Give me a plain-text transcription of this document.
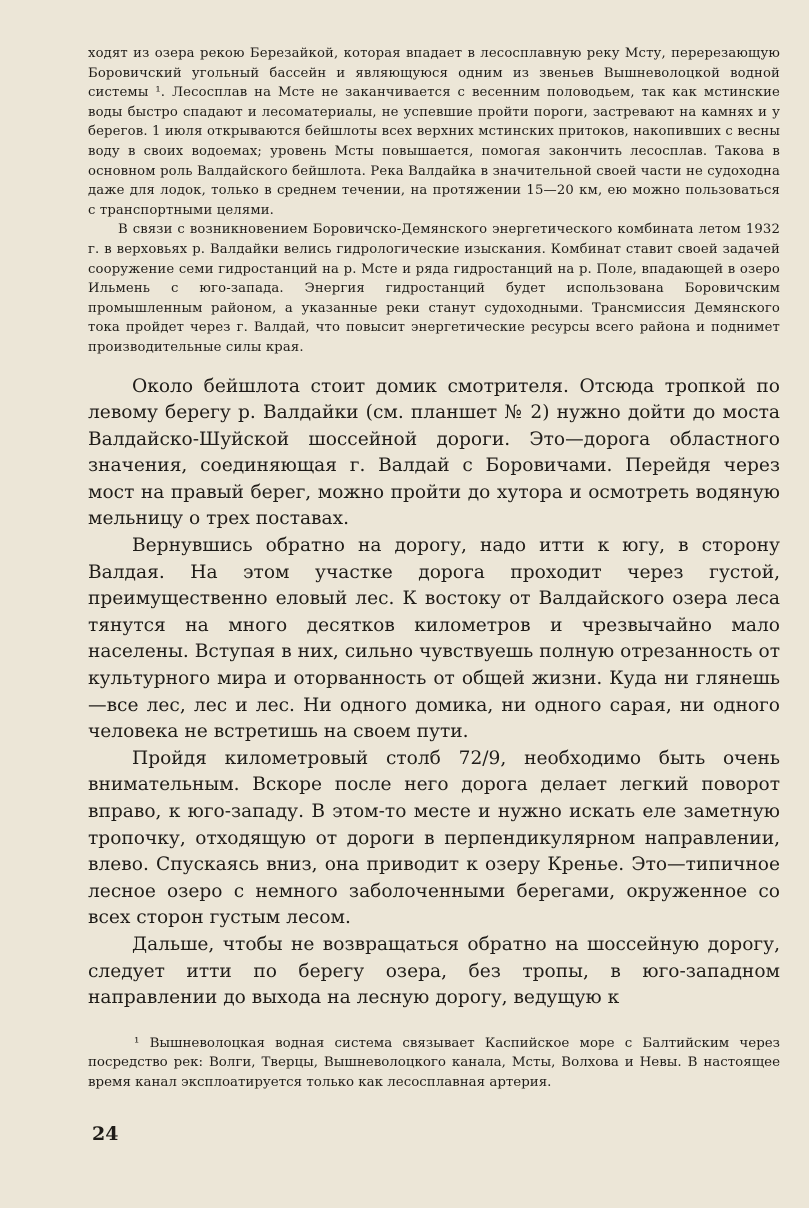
ходят из озера рекою Березайкой, которая впадает в лесосплавную реку Мсту, перерезающую Боровичский угольный бассейн и являющуюся одним из звеньев Вышневолоцкой водной системы ¹. Лесосплав на Мсте не заканчивается с весенним половодьем, так как мстинские воды быстро спадают и лесоматериалы, не успевшие пройти пороги, застревают на камнях и у берегов. 1 июля открываются бейшлоты всех верхних мстинских притоков, накопивших с весны воду в своих водоемах; уровень Мсты повышается, помогая закончить лесосплав. Такова в основном роль Валдайского бейшлота. Река Валдайка в значительной своей части не судоходна даже для лодок, только в среднем течении, на протяжении 15—20 км, ею можно пользоваться с транспортными целями.

В связи с возникновением Боровичско-Демянского энергетического комбината летом 1932 г. в верховьях р. Валдайки велись гидрологические изыскания. Комбинат ставит своей задачей сооружение семи гидростанций на р. Мсте и ряда гидростанций на р. Поле, впадающей в озеро Ильмень с юго-запада. Энергия гидростанций будет использована Боровичским промышленным районом, а указанные реки станут судоходными. Трансмиссия Демянского тока пройдет через г. Валдай, что повысит энергетические ресурсы всего района и поднимет производительные силы края.

Около бейшлота стоит домик смотрителя. Отсюда тропкой по левому берегу р. Валдайки (см. планшет № 2) нужно дойти до моста Валдайско-Шуйской шоссейной дороги. Это—дорога областного значения, соединяющая г. Валдай с Боровичами. Перейдя через мост на правый берег, можно пройти до хутора и осмотреть водяную мельницу о трех поставах.

Вернувшись обратно на дорогу, надо итти к югу, в сторону Валдая. На этом участке дорога проходит через густой, преимущественно еловый лес. К востоку от Валдайского озера леса тянутся на много десятков километров и чрезвычайно мало населены. Вступая в них, сильно чувствуешь полную отрезанность от культурного мира и оторванность от общей жизни. Куда ни глянешь—все лес, лес и лес. Ни одного домика, ни одного сарая, ни одного человека не встретишь на своем пути.

Пройдя километровый столб 72/9, необходимо быть очень внимательным. Вскоре после него дорога делает легкий поворот вправо, к юго-западу. В этом-то месте и нужно искать еле заметную тропочку, отходящую от дороги в перпендикулярном направлении, влево. Спускаясь вниз, она приводит к озеру Кренье. Это—типичное лесное озеро с немного заболоченными берегами, окруженное со всех сторон густым лесом.

Дальше, чтобы не возвращаться обратно на шоссейную дорогу, следует итти по берегу озера, без тропы, в юго-западном направлении до выхода на лесную дорогу, ведущую к

¹ Вышневолоцкая водная система связывает Каспийское море с Балтийским через посредство рек: Волги, Тверцы, Вышневолоцкого канала, Мсты, Волхова и Невы. В настоящее время канал эксплоатируется только как лесосплавная артерия.

24
